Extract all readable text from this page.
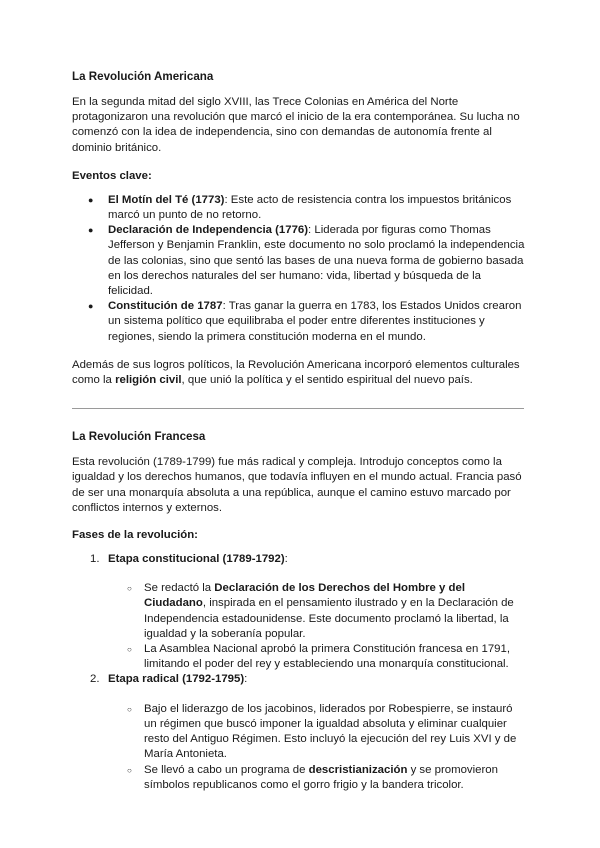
La Revolución Americana

En la segunda mitad del siglo XVIII, las Trece Colonias en América del Norte protagonizaron una revolución que marcó el inicio de la era contemporánea. Su lucha no comenzó con la idea de independencia, sino con demandas de autonomía frente al dominio británico.

Eventos clave:
● El Motín del Té (1773): Este acto de resistencia contra los impuestos británicos marcó un punto de no retorno.
● Declaración de Independencia (1776): Liderada por figuras como Thomas Jefferson y Benjamin Franklin, este documento no solo proclamó la independencia de las colonias, sino que sentó las bases de una nueva forma de gobierno basada en los derechos naturales del ser humano: vida, libertad y búsqueda de la felicidad.
● Constitución de 1787: Tras ganar la guerra en 1783, los Estados Unidos crearon un sistema político que equilibraba el poder entre diferentes instituciones y regiones, siendo la primera constitución moderna en el mundo.

Además de sus logros políticos, la Revolución Americana incorporó elementos culturales como la religión civil, que unió la política y el sentido espiritual del nuevo país.

La Revolución Francesa

Esta revolución (1789-1799) fue más radical y compleja. Introdujo conceptos como la igualdad y los derechos humanos, que todavía influyen en el mundo actual. Francia pasó de ser una monarquía absoluta a una república, aunque el camino estuvo marcado por conflictos internos y externos.

Fases de la revolución:
1. Etapa constitucional (1789-1792):
○ Se redactó la Declaración de los Derechos del Hombre y del Ciudadano, inspirada en el pensamiento ilustrado y en la Declaración de Independencia estadounidense. Este documento proclamó la libertad, la igualdad y la soberanía popular.
○ La Asamblea Nacional aprobó la primera Constitución francesa en 1791, limitando el poder del rey y estableciendo una monarquía constitucional.
2. Etapa radical (1792-1795):
○ Bajo el liderazgo de los jacobinos, liderados por Robespierre, se instauró un régimen que buscó imponer la igualdad absoluta y eliminar cualquier resto del Antiguo Régimen. Esto incluyó la ejecución del rey Luis XVI y de María Antonieta.
○ Se llevó a cabo un programa de descristianización y se promovieron símbolos republicanos como el gorro frigio y la bandera tricolor.
